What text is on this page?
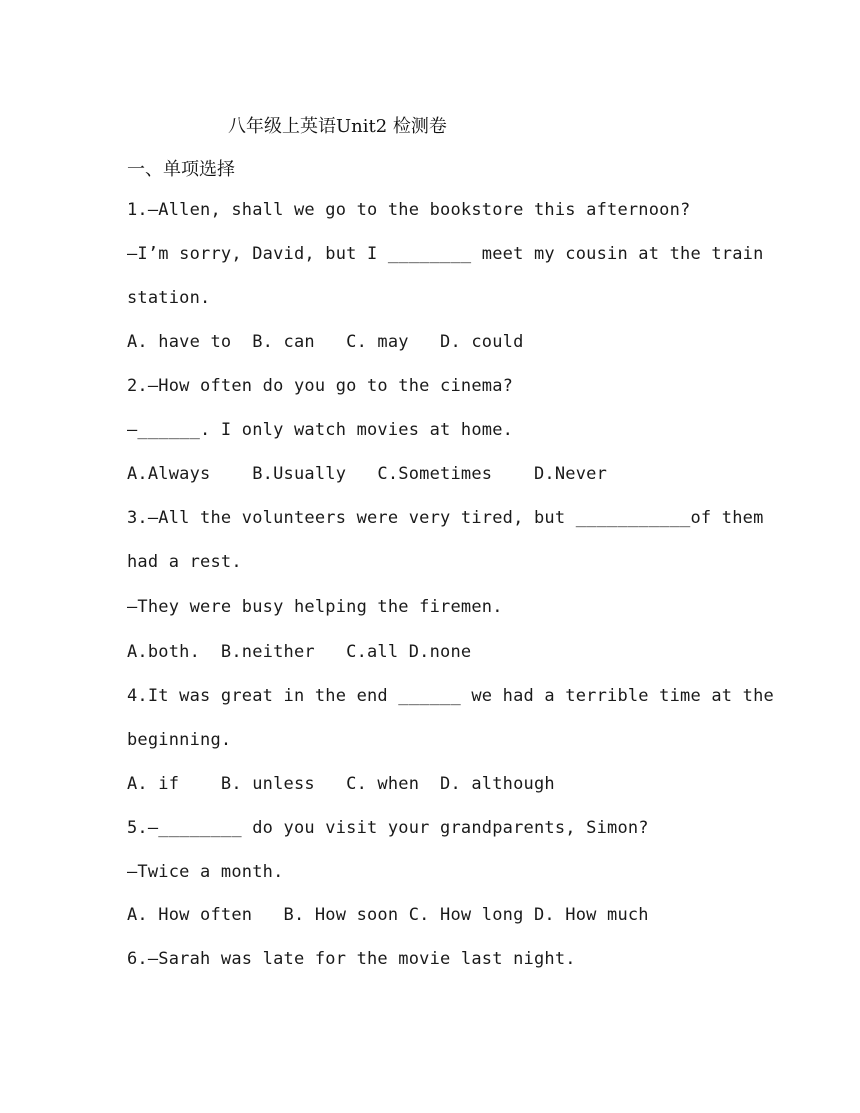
八年级上英语Unit2 检测卷
一、单项选择
1.—Allen, shall we go to the bookstore this afternoon?
—I’m sorry, David, but I ________ meet my cousin at the train
station.
A. have to  B. can   C. may   D. could
2.—How often do you go to the cinema?
—______. I only watch movies at home.
A.Always    B.Usually   C.Sometimes    D.Never
3.—All the volunteers were very tired, but ___________of them
had a rest.
—They were busy helping the firemen.
A.both.  B.neither   C.all D.none
4.It was great in the end ______ we had a terrible time at the
beginning.
A. if    B. unless   C. when  D. although
5.—________ do you visit your grandparents, Simon?
—Twice a month.
A. How often   B. How soon C. How long D. How much
6.—Sarah was late for the movie last night.
